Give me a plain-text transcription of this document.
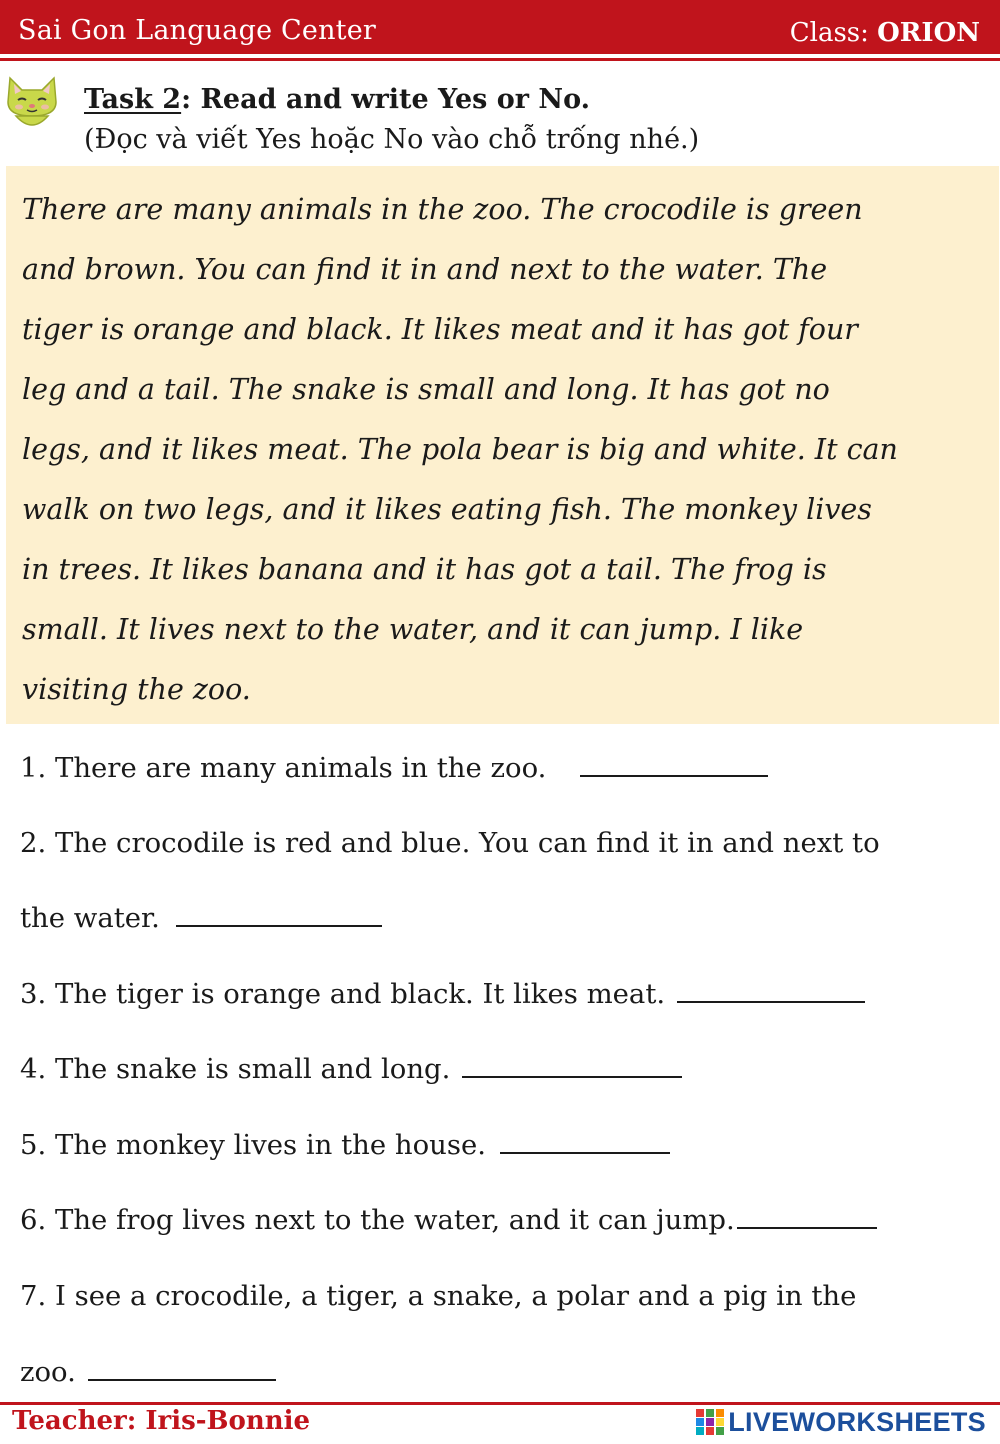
Sai Gon Language Center	Class: ORION
Task 2: Read and write Yes or No.
(Đọc và viết Yes hoặc No vào chỗ trống nhé.)
There are many animals in the zoo. The crocodile is green
and brown. You can find it in and next to the water. The
tiger is orange and black. It likes meat and it has got four
leg and a tail. The snake is small and long. It has got no
legs, and it likes meat. The pola bear is big and white. It can
walk on two legs, and it likes eating fish. The monkey lives
in trees. It likes banana and it has got a tail. The frog is
small. It lives next to the water, and it can jump. I like
visiting the zoo.
1. There are many animals in the zoo.
2. The crocodile is red and blue. You can find it in and next to
the water.
3. The tiger is orange and black. It likes meat.
4. The snake is small and long.
5. The monkey lives in the house.
6. The frog lives next to the water, and it can jump.
7. I see a crocodile, a tiger, a snake, a polar and a pig in the
zoo.
Teacher: Iris-Bonnie	LIVEWORKSHEETS
